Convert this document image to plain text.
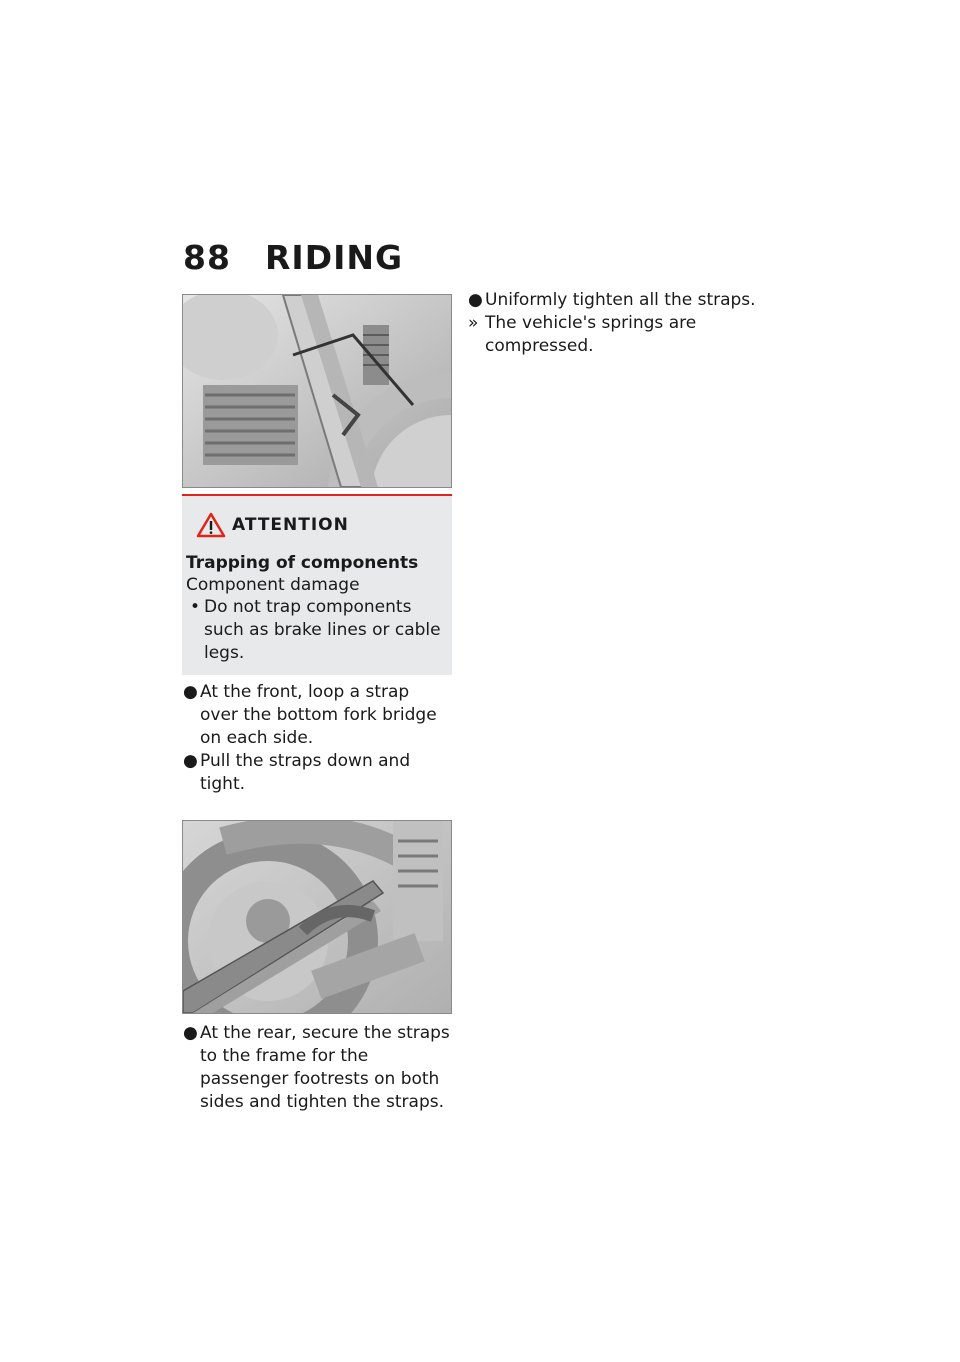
88 RIDING
ATTENTION
Trapping of components
Component damage
• Do not trap components such as brake lines or cable legs.
● At the front, loop a strap over the bottom fork bridge on each side.
● Pull the straps down and tight.
● At the rear, secure the straps to the frame for the passenger footrests on both sides and tighten the straps.
● Uniformly tighten all the straps.
» The vehicle's springs are compressed.
